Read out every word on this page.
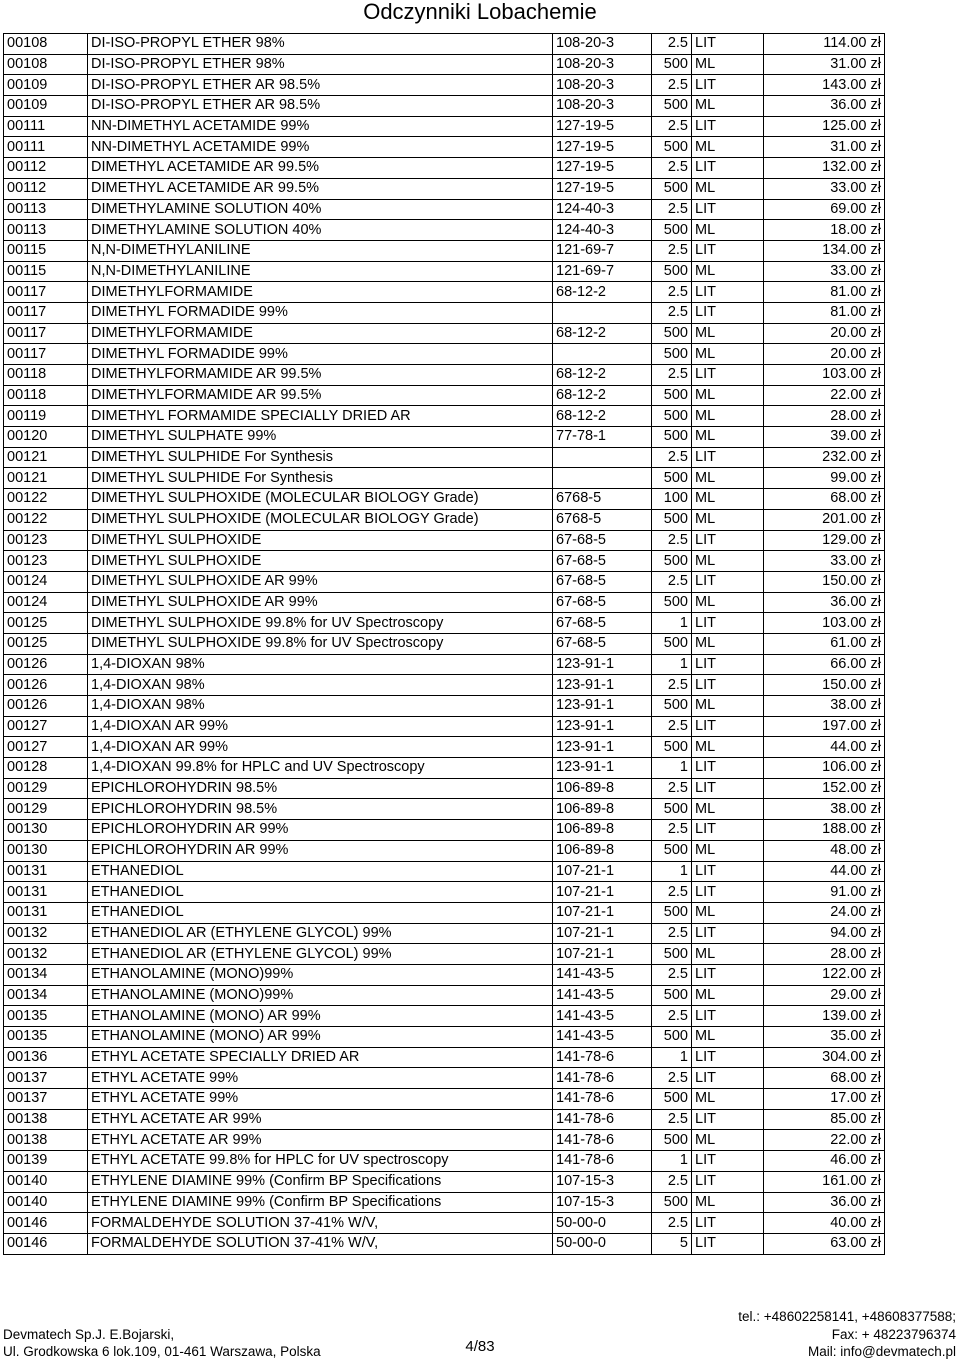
Odczynniki Lobachemie
00108	DI-ISO-PROPYL ETHER 98%	108-20-3	2.5	LIT	114.00 zł
00108	DI-ISO-PROPYL ETHER 98%	108-20-3	500	ML	31.00 zł
00109	DI-ISO-PROPYL ETHER AR 98.5%	108-20-3	2.5	LIT	143.00 zł
00109	DI-ISO-PROPYL ETHER AR 98.5%	108-20-3	500	ML	36.00 zł
00111	NN-DIMETHYL ACETAMIDE 99%	127-19-5	2.5	LIT	125.00 zł
00111	NN-DIMETHYL ACETAMIDE 99%	127-19-5	500	ML	31.00 zł
00112	DIMETHYL ACETAMIDE AR 99.5%	127-19-5	2.5	LIT	132.00 zł
00112	DIMETHYL ACETAMIDE AR 99.5%	127-19-5	500	ML	33.00 zł
00113	DIMETHYLAMINE SOLUTION 40%	124-40-3	2.5	LIT	69.00 zł
00113	DIMETHYLAMINE SOLUTION 40%	124-40-3	500	ML	18.00 zł
00115	N,N-DIMETHYLANILINE	121-69-7	2.5	LIT	134.00 zł
00115	N,N-DIMETHYLANILINE	121-69-7	500	ML	33.00 zł
00117	DIMETHYLFORMAMIDE	68-12-2	2.5	LIT	81.00 zł
00117	DIMETHYL FORMADIDE 99%		2.5	LIT	81.00 zł
00117	DIMETHYLFORMAMIDE	68-12-2	500	ML	20.00 zł
00117	DIMETHYL FORMADIDE 99%		500	ML	20.00 zł
00118	DIMETHYLFORMAMIDE AR 99.5%	68-12-2	2.5	LIT	103.00 zł
00118	DIMETHYLFORMAMIDE AR 99.5%	68-12-2	500	ML	22.00 zł
00119	DIMETHYL FORMAMIDE SPECIALLY DRIED AR	68-12-2	500	ML	28.00 zł
00120	DIMETHYL SULPHATE 99%	77-78-1	500	ML	39.00 zł
00121	DIMETHYL SULPHIDE For Synthesis		2.5	LIT	232.00 zł
00121	DIMETHYL SULPHIDE For Synthesis		500	ML	99.00 zł
00122	DIMETHYL SULPHOXIDE (MOLECULAR BIOLOGY Grade)	6768-5	100	ML	68.00 zł
00122	DIMETHYL SULPHOXIDE (MOLECULAR BIOLOGY Grade)	6768-5	500	ML	201.00 zł
00123	DIMETHYL SULPHOXIDE	67-68-5	2.5	LIT	129.00 zł
00123	DIMETHYL SULPHOXIDE	67-68-5	500	ML	33.00 zł
00124	DIMETHYL SULPHOXIDE AR 99%	67-68-5	2.5	LIT	150.00 zł
00124	DIMETHYL SULPHOXIDE AR 99%	67-68-5	500	ML	36.00 zł
00125	DIMETHYL SULPHOXIDE 99.8% for UV Spectroscopy	67-68-5	1	LIT	103.00 zł
00125	DIMETHYL SULPHOXIDE 99.8% for UV Spectroscopy	67-68-5	500	ML	61.00 zł
00126	1,4-DIOXAN 98%	123-91-1	1	LIT	66.00 zł
00126	1,4-DIOXAN 98%	123-91-1	2.5	LIT	150.00 zł
00126	1,4-DIOXAN 98%	123-91-1	500	ML	38.00 zł
00127	1,4-DIOXAN AR 99%	123-91-1	2.5	LIT	197.00 zł
00127	1,4-DIOXAN AR 99%	123-91-1	500	ML	44.00 zł
00128	1,4-DIOXAN 99.8% for HPLC and UV Spectroscopy	123-91-1	1	LIT	106.00 zł
00129	EPICHLOROHYDRIN 98.5%	106-89-8	2.5	LIT	152.00 zł
00129	EPICHLOROHYDRIN 98.5%	106-89-8	500	ML	38.00 zł
00130	EPICHLOROHYDRIN AR 99%	106-89-8	2.5	LIT	188.00 zł
00130	EPICHLOROHYDRIN AR 99%	106-89-8	500	ML	48.00 zł
00131	ETHANEDIOL	107-21-1	1	LIT	44.00 zł
00131	ETHANEDIOL	107-21-1	2.5	LIT	91.00 zł
00131	ETHANEDIOL	107-21-1	500	ML	24.00 zł
00132	ETHANEDIOL AR (ETHYLENE GLYCOL) 99%	107-21-1	2.5	LIT	94.00 zł
00132	ETHANEDIOL AR (ETHYLENE GLYCOL) 99%	107-21-1	500	ML	28.00 zł
00134	ETHANOLAMINE (MONO)99%	141-43-5	2.5	LIT	122.00 zł
00134	ETHANOLAMINE (MONO)99%	141-43-5	500	ML	29.00 zł
00135	ETHANOLAMINE (MONO) AR 99%	141-43-5	2.5	LIT	139.00 zł
00135	ETHANOLAMINE (MONO) AR 99%	141-43-5	500	ML	35.00 zł
00136	ETHYL ACETATE SPECIALLY DRIED AR	141-78-6	1	LIT	304.00 zł
00137	ETHYL ACETATE 99%	141-78-6	2.5	LIT	68.00 zł
00137	ETHYL ACETATE 99%	141-78-6	500	ML	17.00 zł
00138	ETHYL ACETATE AR 99%	141-78-6	2.5	LIT	85.00 zł
00138	ETHYL ACETATE AR 99%	141-78-6	500	ML	22.00 zł
00139	ETHYL ACETATE 99.8% for HPLC for UV spectroscopy	141-78-6	1	LIT	46.00 zł
00140	ETHYLENE DIAMINE 99% (Confirm BP Specifications	107-15-3	2.5	LIT	161.00 zł
00140	ETHYLENE DIAMINE 99% (Confirm BP Specifications	107-15-3	500	ML	36.00 zł
00146	FORMALDEHYDE SOLUTION 37-41% W/V,	50-00-0	2.5	LIT	40.00 zł
00146	FORMALDEHYDE SOLUTION 37-41% W/V,	50-00-0	5	LIT	63.00 zł
Devmatech Sp.J. E.Bojarski,
Ul. Grodkowska 6 lok.109, 01-461 Warszawa, Polska	4/83
tel.: +48602258141, +48608377588;
Fax: + 48223796374
Mail: info@devmatech.pl
